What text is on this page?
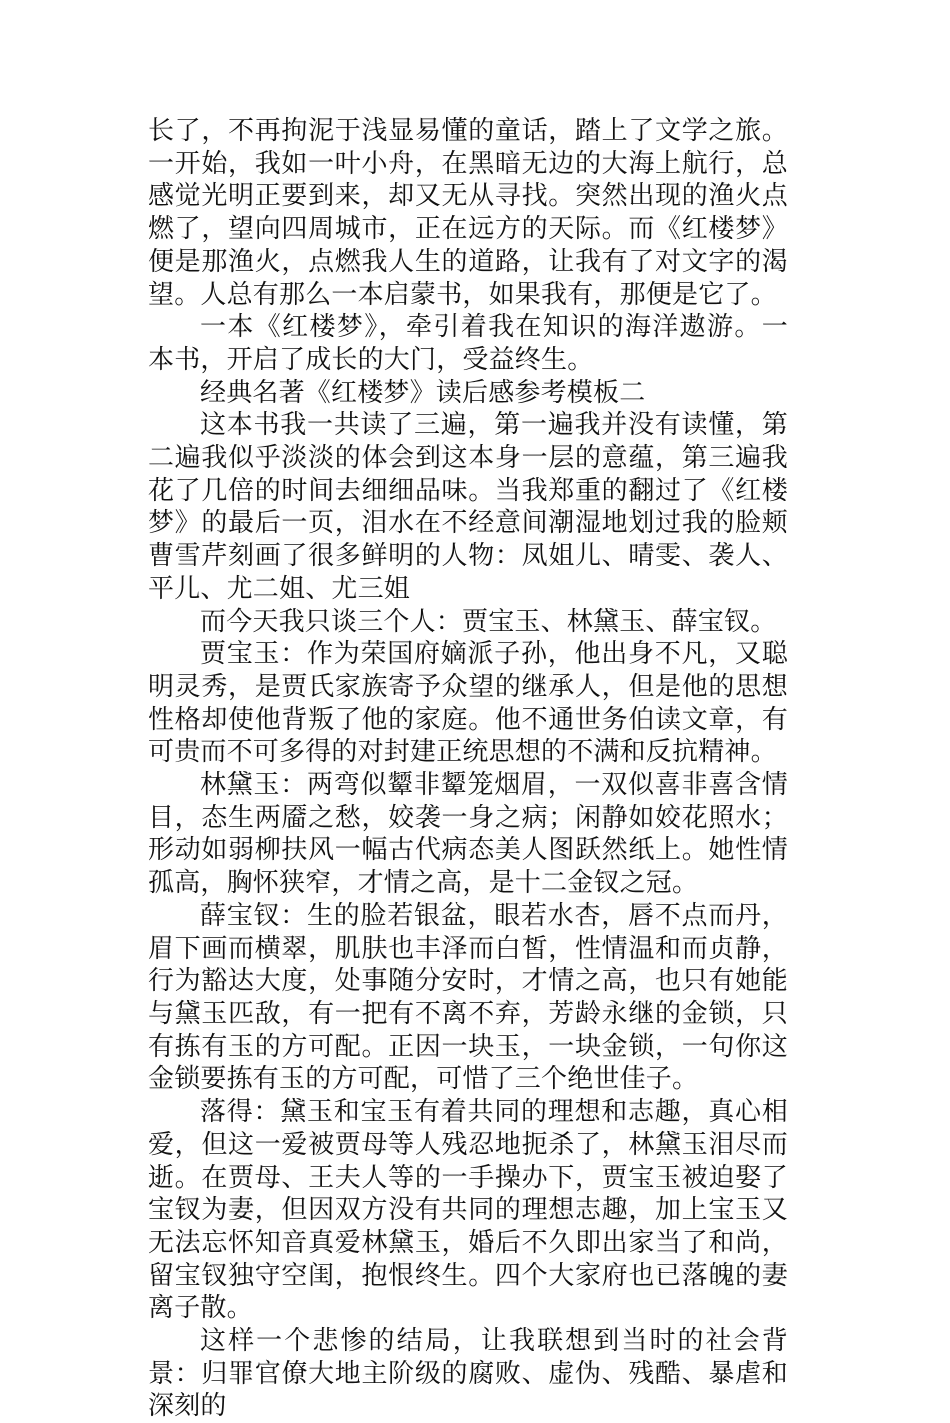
长了，不再拘泥于浅显易懂的童话，踏上了文学之旅。一开始，我如一叶小舟，在黑暗无边的大海上航行，总感觉光明正要到来，却又无从寻找。突然出现的渔火点燃了，望向四周城市，正在远方的天际。而《红楼梦》便是那渔火，点燃我人生的道路，让我有了对文字的渴望。人总有那么一本启蒙书，如果我有，那便是它了。

一本《红楼梦》，牵引着我在知识的海洋遨游。一本书，开启了成长的大门，受益终生。

经典名著《红楼梦》读后感参考模板二

这本书我一共读了三遍，第一遍我并没有读懂，第二遍我似乎淡淡的体会到这本身一层的意蕴，第三遍我花了几倍的时间去细细品味。当我郑重的翻过了《红楼梦》的最后一页，泪水在不经意间潮湿地划过我的脸颊曹雪芹刻画了很多鲜明的人物：凤姐儿、晴雯、袭人、平儿、尤二姐、尤三姐

而今天我只谈三个人：贾宝玉、林黛玉、薛宝钗。

贾宝玉：作为荣国府嫡派子孙，他出身不凡，又聪明灵秀，是贾氏家族寄予众望的继承人，但是他的思想性格却使他背叛了他的家庭。他不通世务伯读文章，有可贵而不可多得的对封建正统思想的不满和反抗精神。

林黛玉：两弯似颦非颦笼烟眉，一双似喜非喜含情目，态生两靥之愁，姣袭一身之病；闲静如姣花照水；形动如弱柳扶风一幅古代病态美人图跃然纸上。她性情孤高，胸怀狭窄，才情之高，是十二金钗之冠。

薛宝钗：生的脸若银盆，眼若水杏，唇不点而丹，眉下画而横翠，肌肤也丰泽而白皙，性情温和而贞静，行为豁达大度，处事随分安时，才情之高，也只有她能与黛玉匹敌，有一把有不离不弃，芳龄永继的金锁，只有拣有玉的方可配。正因一块玉，一块金锁，一句你这金锁要拣有玉的方可配，可惜了三个绝世佳子。

落得：黛玉和宝玉有着共同的理想和志趣，真心相爱，但这一爱被贾母等人残忍地扼杀了，林黛玉泪尽而逝。在贾母、王夫人等的一手操办下，贾宝玉被迫娶了宝钗为妻，但因双方没有共同的理想志趣，加上宝玉又无法忘怀知音真爱林黛玉，婚后不久即出家当了和尚，留宝钗独守空闺，抱恨终生。四个大家府也已落魄的妻离子散。

这样一个悲惨的结局，让我联想到当时的社会背景：归罪官僚大地主阶级的腐败、虚伪、残酷、暴虐和深刻的
